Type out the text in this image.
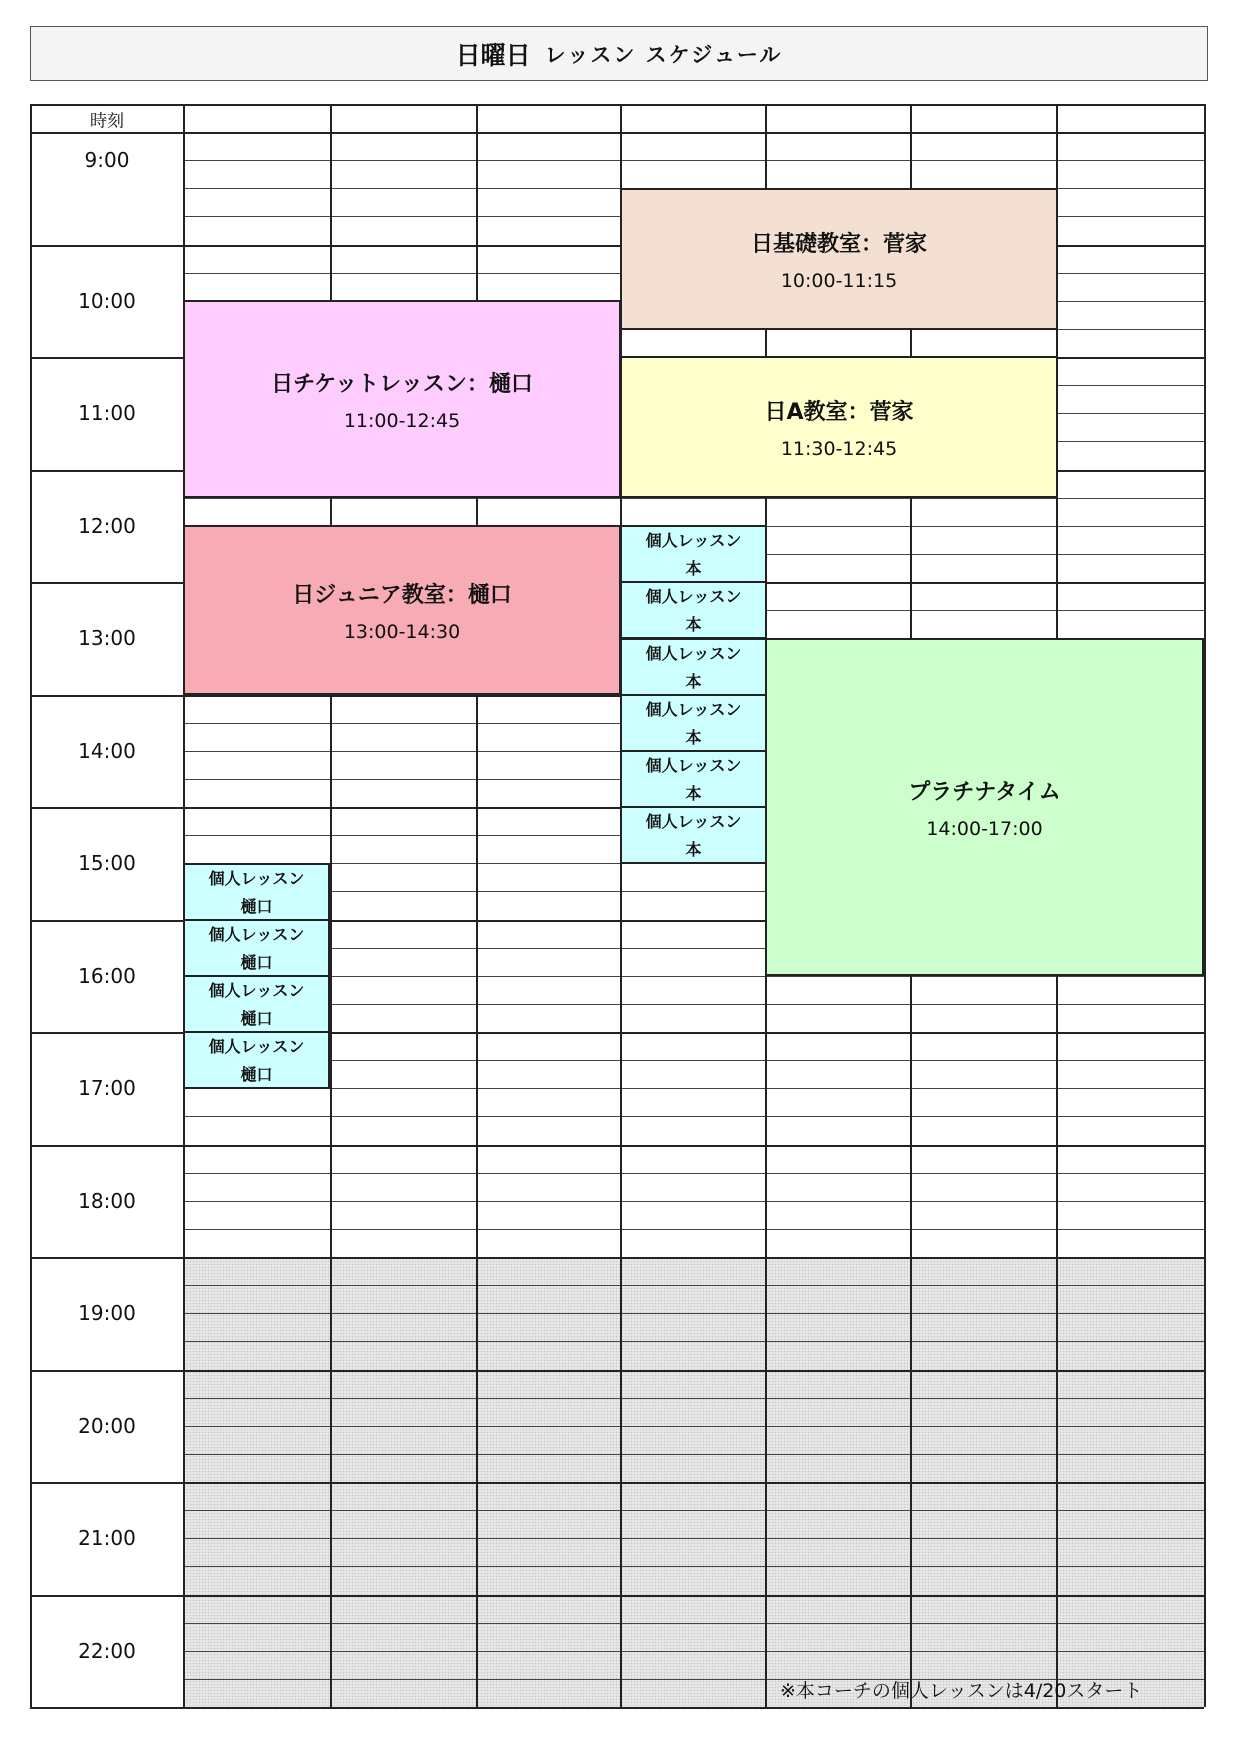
日曜日 レッスン スケジュール
時刻
9:00
10:00
11:00
12:00
13:00
14:00
15:00
16:00
17:00
18:00
19:00
20:00
21:00
22:00
日基礎教室：菅家
10:00-11:15
日チケットレッスン：樋口
11:00-12:45	日A教室：菅家
11:30-12:45
日ジュニア教室：樋口
13:00-14:30
プラチナタイム
14:00-17:00
個人レッスン
本
個人レッスン
本
個人レッスン
本
個人レッスン
本
個人レッスン
本
個人レッスン
本
個人レッスン
樋口
個人レッスン
樋口
個人レッスン
樋口
個人レッスン
樋口
※本コーチの個人レッスンは4/20スタート
